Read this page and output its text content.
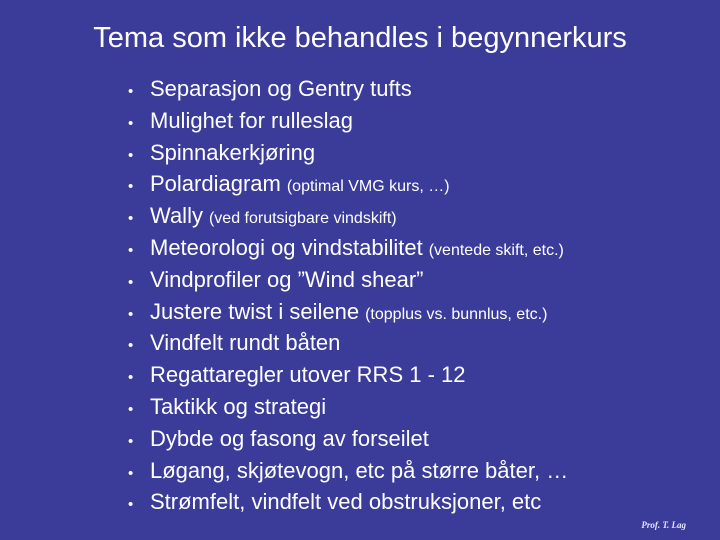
Tema som ikke behandles i begynnerkurs
• Separasjon og Gentry tufts
• Mulighet for rulleslag
• Spinnakerkjøring
• Polardiagram (optimal VMG kurs, …)
• Wally (ved forutsigbare vindskift)
• Meteorologi og vindstabilitet (ventede skift, etc.)
• Vindprofiler og ”Wind shear”
• Justere twist i seilene (topplus vs. bunnlus, etc.)
• Vindfelt rundt båten
• Regattaregler utover RRS 1 - 12
• Taktikk og strategi
• Dybde og fasong av forseilet
• Løgang, skjøtevogn, etc på større båter, …
• Strømfelt, vindfelt ved obstruksjoner, etc
Prof. T. Lag
